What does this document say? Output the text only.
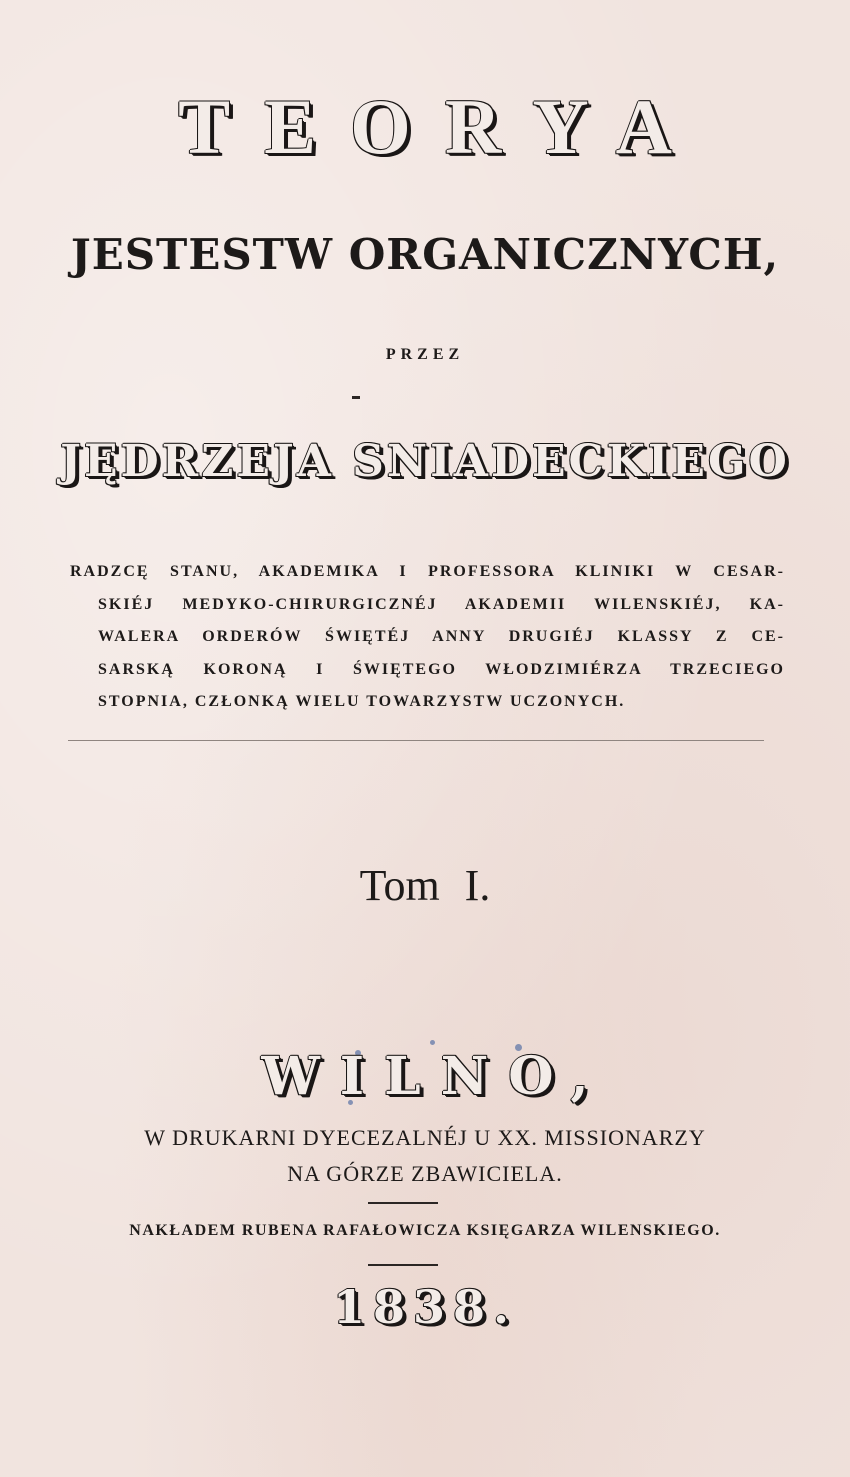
TEORYA
JESTESTW ORGANICZNYCH,
PRZEZ
JĘDRZEJA SNIADECKIEGO
RADZCĘ STANU, AKADEMIKA I PROFESSORA KLINIKI W CESAR-
SKIÉJ MEDYKO-CHIRURGICZNÉJ AKADEMII WILENSKIÉJ, KA-
WALERA ORDERÓW ŚWIĘTÉJ ANNY DRUGIÉJ KLASSY Z CE-
SARSKĄ KORONĄ I ŚWIĘTEGO WŁODZIMIÉRZA TRZECIEGO
STOPNIA, CZŁONKĄ WIELU TOWARZYSTW UCZONYCH.
Tom I.
WILNO,
W DRUKARNI DYECEZALNÉJ U XX. MISSIONARZY
NA GÓRZE ZBAWICIELA.
NAKŁADEM RUBENA RAFAŁOWICZA KSIĘGARZA WILENSKIEGO.
1838.
